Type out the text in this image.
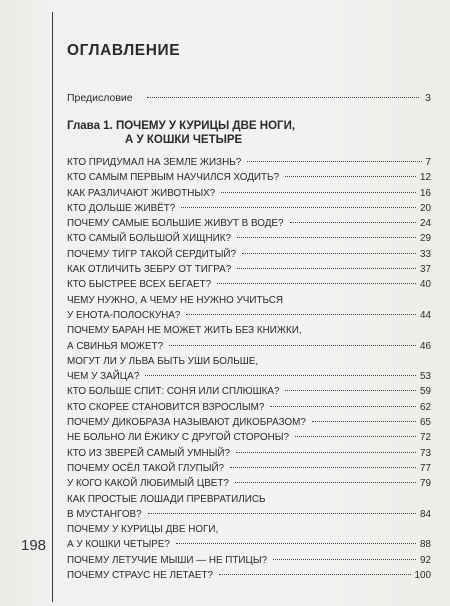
ОГЛАВЛЕНИЕ
Предисловие	3
Глава 1. ПОЧЕМУ У КУРИЦЫ ДВЕ НОГИ,
А У КОШКИ ЧЕТЫРЕ
КТО ПРИДУМАЛ НА ЗЕМЛЕ ЖИЗНЬ?	7
КТО САМЫМ ПЕРВЫМ НАУЧИЛСЯ ХОДИТЬ?	12
КАК РАЗЛИЧАЮТ ЖИВОТНЫХ?	16
КТО ДОЛЬШЕ ЖИВЁТ?	20
ПОЧЕМУ САМЫЕ БОЛЬШИЕ ЖИВУТ В ВОДЕ?	24
КТО САМЫЙ БОЛЬШОЙ ХИЩНИК?	29
ПОЧЕМУ ТИГР ТАКОЙ СЕРДИТЫЙ?	33
КАК ОТЛИЧИТЬ ЗЕБРУ ОТ ТИГРА?	37
КТО БЫСТРЕЕ ВСЕХ БЕГАЕТ?	40
ЧЕМУ НУЖНО, А ЧЕМУ НЕ НУЖНО УЧИТЬСЯ
У ЕНОТА-ПОЛОСКУНА?	44
ПОЧЕМУ БАРАН НЕ МОЖЕТ ЖИТЬ БЕЗ КНИЖКИ,
А СВИНЬЯ МОЖЕТ?	46
МОГУТ ЛИ У ЛЬВА БЫТЬ УШИ БОЛЬШЕ,
ЧЕМ У ЗАЙЦА?	53
КТО БОЛЬШЕ СПИТ: СОНЯ ИЛИ СПЛЮШКА?	59
КТО СКОРЕЕ СТАНОВИТСЯ ВЗРОСЛЫМ?	62
ПОЧЕМУ ДИКОБРАЗА НАЗЫВАЮТ ДИКОБРАЗОМ?	65
НЕ БОЛЬНО ЛИ ЁЖИКУ С ДРУГОЙ СТОРОНЫ?	72
КТО ИЗ ЗВЕРЕЙ САМЫЙ УМНЫЙ?	73
ПОЧЕМУ ОСЁЛ ТАКОЙ ГЛУПЫЙ?	77
У КОГО КАКОЙ ЛЮБИМЫЙ ЦВЕТ?	79
КАК ПРОСТЫЕ ЛОШАДИ ПРЕВРАТИЛИСЬ
В МУСТАНГОВ?	84
ПОЧЕМУ У КУРИЦЫ ДВЕ НОГИ,
А У КОШКИ ЧЕТЫРЕ?	88
ПОЧЕМУ ЛЕТУЧИЕ МЫШИ — НЕ ПТИЦЫ?	92
ПОЧЕМУ СТРАУС НЕ ЛЕТАЕТ?	100
198
